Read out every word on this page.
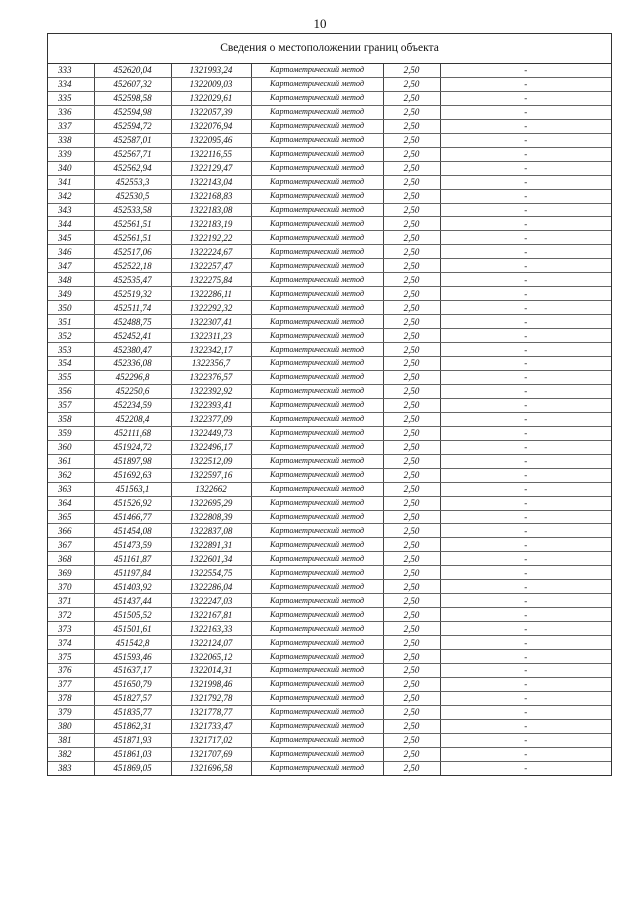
10
Сведения о местоположении границ объекта
333	452620,04	1321993,24	Картометрический метод	2,50	-
334	452607,32	1322009,03	Картометрический метод	2,50	-
335	452598,58	1322029,61	Картометрический метод	2,50	-
336	452594,98	1322057,39	Картометрический метод	2,50	-
337	452594,72	1322076,94	Картометрический метод	2,50	-
338	452587,01	1322095,46	Картометрический метод	2,50	-
339	452567,71	1322116,55	Картометрический метод	2,50	-
340	452562,94	1322129,47	Картометрический метод	2,50	-
341	452553,3	1322143,04	Картометрический метод	2,50	-
342	452530,5	1322168,83	Картометрический метод	2,50	-
343	452533,58	1322183,08	Картометрический метод	2,50	-
344	452561,51	1322183,19	Картометрический метод	2,50	-
345	452561,51	1322192,22	Картометрический метод	2,50	-
346	452517,06	1322224,67	Картометрический метод	2,50	-
347	452522,18	1322257,47	Картометрический метод	2,50	-
348	452535,47	1322275,84	Картометрический метод	2,50	-
349	452519,32	1322286,11	Картометрический метод	2,50	-
350	452511,74	1322292,32	Картометрический метод	2,50	-
351	452488,75	1322307,41	Картометрический метод	2,50	-
352	452452,41	1322311,23	Картометрический метод	2,50	-
353	452380,47	1322342,17	Картометрический метод	2,50	-
354	452336,08	1322356,7	Картометрический метод	2,50	-
355	452296,8	1322376,57	Картометрический метод	2,50	-
356	452250,6	1322392,92	Картометрический метод	2,50	-
357	452234,59	1322393,41	Картометрический метод	2,50	-
358	452208,4	1322377,09	Картометрический метод	2,50	-
359	452111,68	1322449,73	Картометрический метод	2,50	-
360	451924,72	1322496,17	Картометрический метод	2,50	-
361	451897,98	1322512,09	Картометрический метод	2,50	-
362	451692,63	1322597,16	Картометрический метод	2,50	-
363	451563,1	1322662	Картометрический метод	2,50	-
364	451526,92	1322695,29	Картометрический метод	2,50	-
365	451466,77	1322808,39	Картометрический метод	2,50	-
366	451454,08	1322837,08	Картометрический метод	2,50	-
367	451473,59	1322891,31	Картометрический метод	2,50	-
368	451161,87	1322601,34	Картометрический метод	2,50	-
369	451197,84	1322554,75	Картометрический метод	2,50	-
370	451403,92	1322286,04	Картометрический метод	2,50	-
371	451437,44	1322247,03	Картометрический метод	2,50	-
372	451505,52	1322167,81	Картометрический метод	2,50	-
373	451501,61	1322163,33	Картометрический метод	2,50	-
374	451542,8	1322124,07	Картометрический метод	2,50	-
375	451593,46	1322065,12	Картометрический метод	2,50	-
376	451637,17	1322014,31	Картометрический метод	2,50	-
377	451650,79	1321998,46	Картометрический метод	2,50	-
378	451827,57	1321792,78	Картометрический метод	2,50	-
379	451835,77	1321778,77	Картометрический метод	2,50	-
380	451862,31	1321733,47	Картометрический метод	2,50	-
381	451871,93	1321717,02	Картометрический метод	2,50	-
382	451861,03	1321707,69	Картометрический метод	2,50	-
383	451869,05	1321696,58	Картометрический метод	2,50	-
